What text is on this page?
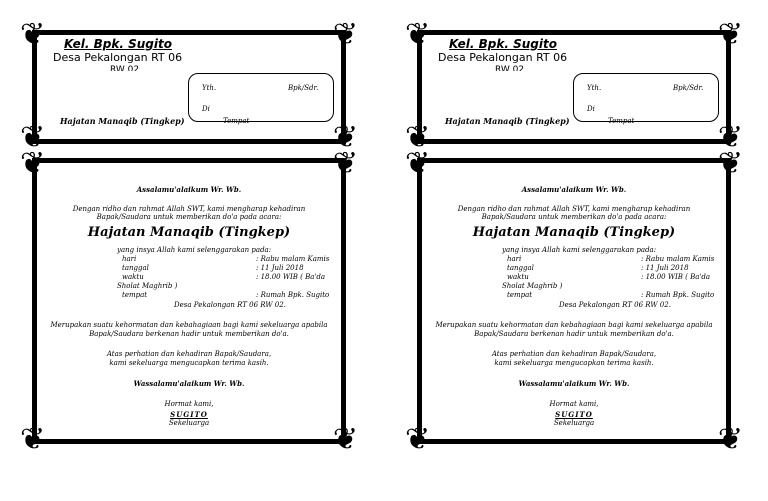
❦	❦
❦	❦
Kel. Bpk. Sugito
Desa Pekalongan RT 06
RW 02
Yth.	Bpk/Sdr.
Di
Tempat
Hajatan Manaqib (Tingkep)
❦	❦
❦	❦
Assalamu'alaikum Wr. Wb.
Dengan ridho dan rahmat Allah SWT, kami mengharap kehadiran
Bapak/Saudara untuk memberikan do'a pada acara:
Hajatan Manaqib (Tingkep)
yang insya Allah kami selenggarakan pada:
hari	: Rabu malam Kamis
tanggal	: 11 Juli 2018
waktu	: 18.00 WIB ( Ba'da
Sholat Maghrib )
tempat	: Rumah Bpk. Sugito
Desa Pekalongan RT 06 RW 02.
Merupakan suatu kehormatan dan kebahagiaan bagi kami sekeluarga apabila
Bapak/Saudara berkenan hadir untuk memberikan do'a.
Atas perhatian dan kehadiran Bapak/Saudara,
kami sekeluarga mengucapkan terima kasih.
Wassalamu'alaikum Wr. Wb.
Hormat kami,
SUGITO
Sekeluarga
❦	❦
❦	❦
Kel. Bpk. Sugito
Desa Pekalongan RT 06
RW 02
Yth.	Bpk/Sdr.
Di
Tempat
Hajatan Manaqib (Tingkep)
❦	❦
❦	❦
Assalamu'alaikum Wr. Wb.
Dengan ridho dan rahmat Allah SWT, kami mengharap kehadiran
Bapak/Saudara untuk memberikan do'a pada acara:
Hajatan Manaqib (Tingkep)
yang insya Allah kami selenggarakan pada:
hari	: Rabu malam Kamis
tanggal	: 11 Juli 2018
waktu	: 18.00 WIB ( Ba'da
Sholat Maghrib )
tempat	: Rumah Bpk. Sugito
Desa Pekalongan RT 06 RW 02.
Merupakan suatu kehormatan dan kebahagiaan bagi kami sekeluarga apabila
Bapak/Saudara berkenan hadir untuk memberikan do'a.
Atas perhatian dan kehadiran Bapak/Saudara,
kami sekeluarga mengucapkan terima kasih.
Wassalamu'alaikum Wr. Wb.
Hormat kami,
SUGITO
Sekeluarga
